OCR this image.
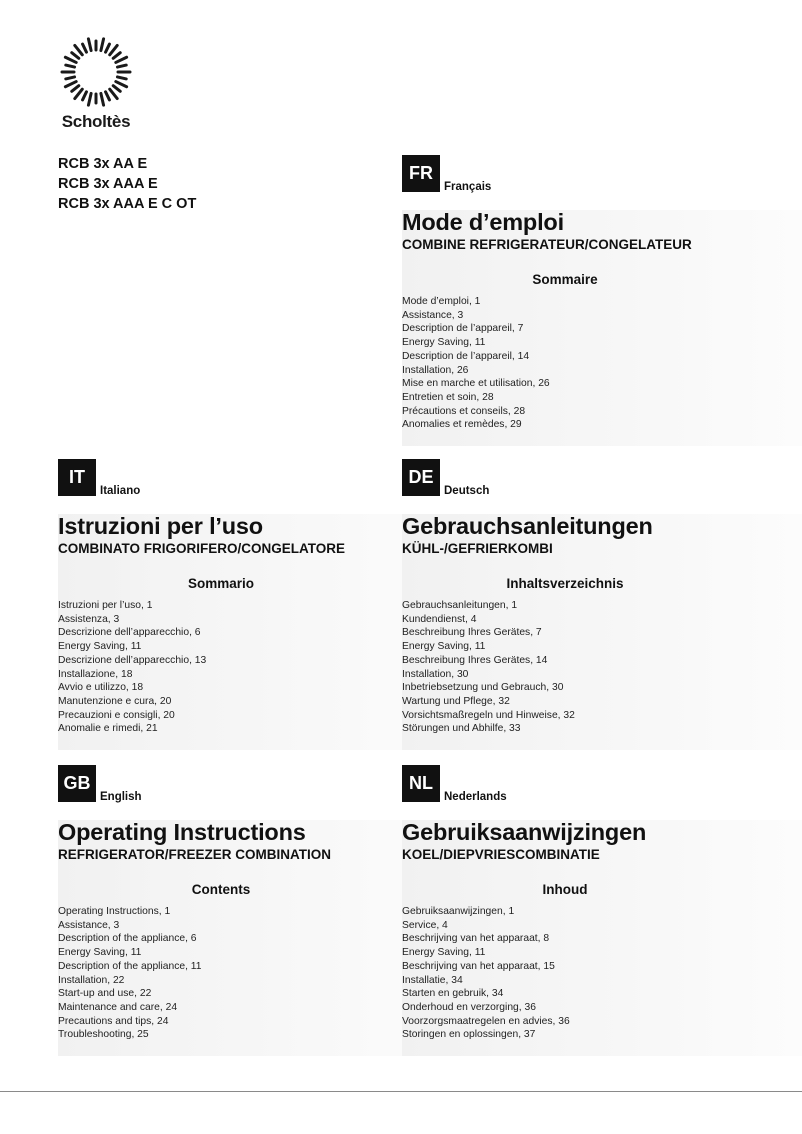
Scholtès
RCB 3x AA E
RCB 3x AAA E
RCB 3x AAA E C OT
FR
Français
Mode d’emploi
COMBINE REFRIGERATEUR/CONGELATEUR
Sommaire
Mode d’emploi, 1
Assistance, 3
Description de l’appareil, 7
Energy Saving, 11
Description de l’appareil, 14
Installation, 26
Mise en marche et utilisation, 26
Entretien et soin, 28
Précautions et conseils, 28
Anomalies et remèdes, 29
IT
Italiano
Istruzioni per l’uso
COMBINATO FRIGORIFERO/CONGELATORE
Sommario
Istruzioni per l’uso, 1
Assistenza, 3
Descrizione dell’apparecchio, 6
Energy Saving, 11
Descrizione dell’apparecchio, 13
Installazione, 18
Avvio e utilizzo, 18
Manutenzione e cura, 20
Precauzioni e consigli, 20
Anomalie e rimedi, 21
DE
Deutsch
Gebrauchsanleitungen
KÜHL-/GEFRIERKOMBI
Inhaltsverzeichnis
Gebrauchsanleitungen, 1
Kundendienst, 4
Beschreibung Ihres Gerätes, 7
Energy Saving, 11
Beschreibung Ihres Gerätes, 14
Installation, 30
Inbetriebsetzung und Gebrauch, 30
Wartung und Pflege, 32
Vorsichtsmaßregeln und Hinweise, 32
Störungen und Abhilfe, 33
GB
English
Operating Instructions
REFRIGERATOR/FREEZER COMBINATION
Contents
Operating Instructions, 1
Assistance, 3
Description of the appliance, 6
Energy Saving, 11
Description of the appliance, 11
Installation, 22
Start-up and use, 22
Maintenance and care, 24
Precautions and tips, 24
Troubleshooting, 25
NL
Nederlands
Gebruiksaanwijzingen
KOEL/DIEPVRIESCOMBINATIE
Inhoud
Gebruiksaanwijzingen, 1
Service, 4
Beschrijving van het apparaat, 8
Energy Saving, 11
Beschrijving van het apparaat, 15
Installatie, 34
Starten en gebruik, 34
Onderhoud en verzorging, 36
Voorzorgsmaatregelen en advies, 36
Storingen en oplossingen, 37
